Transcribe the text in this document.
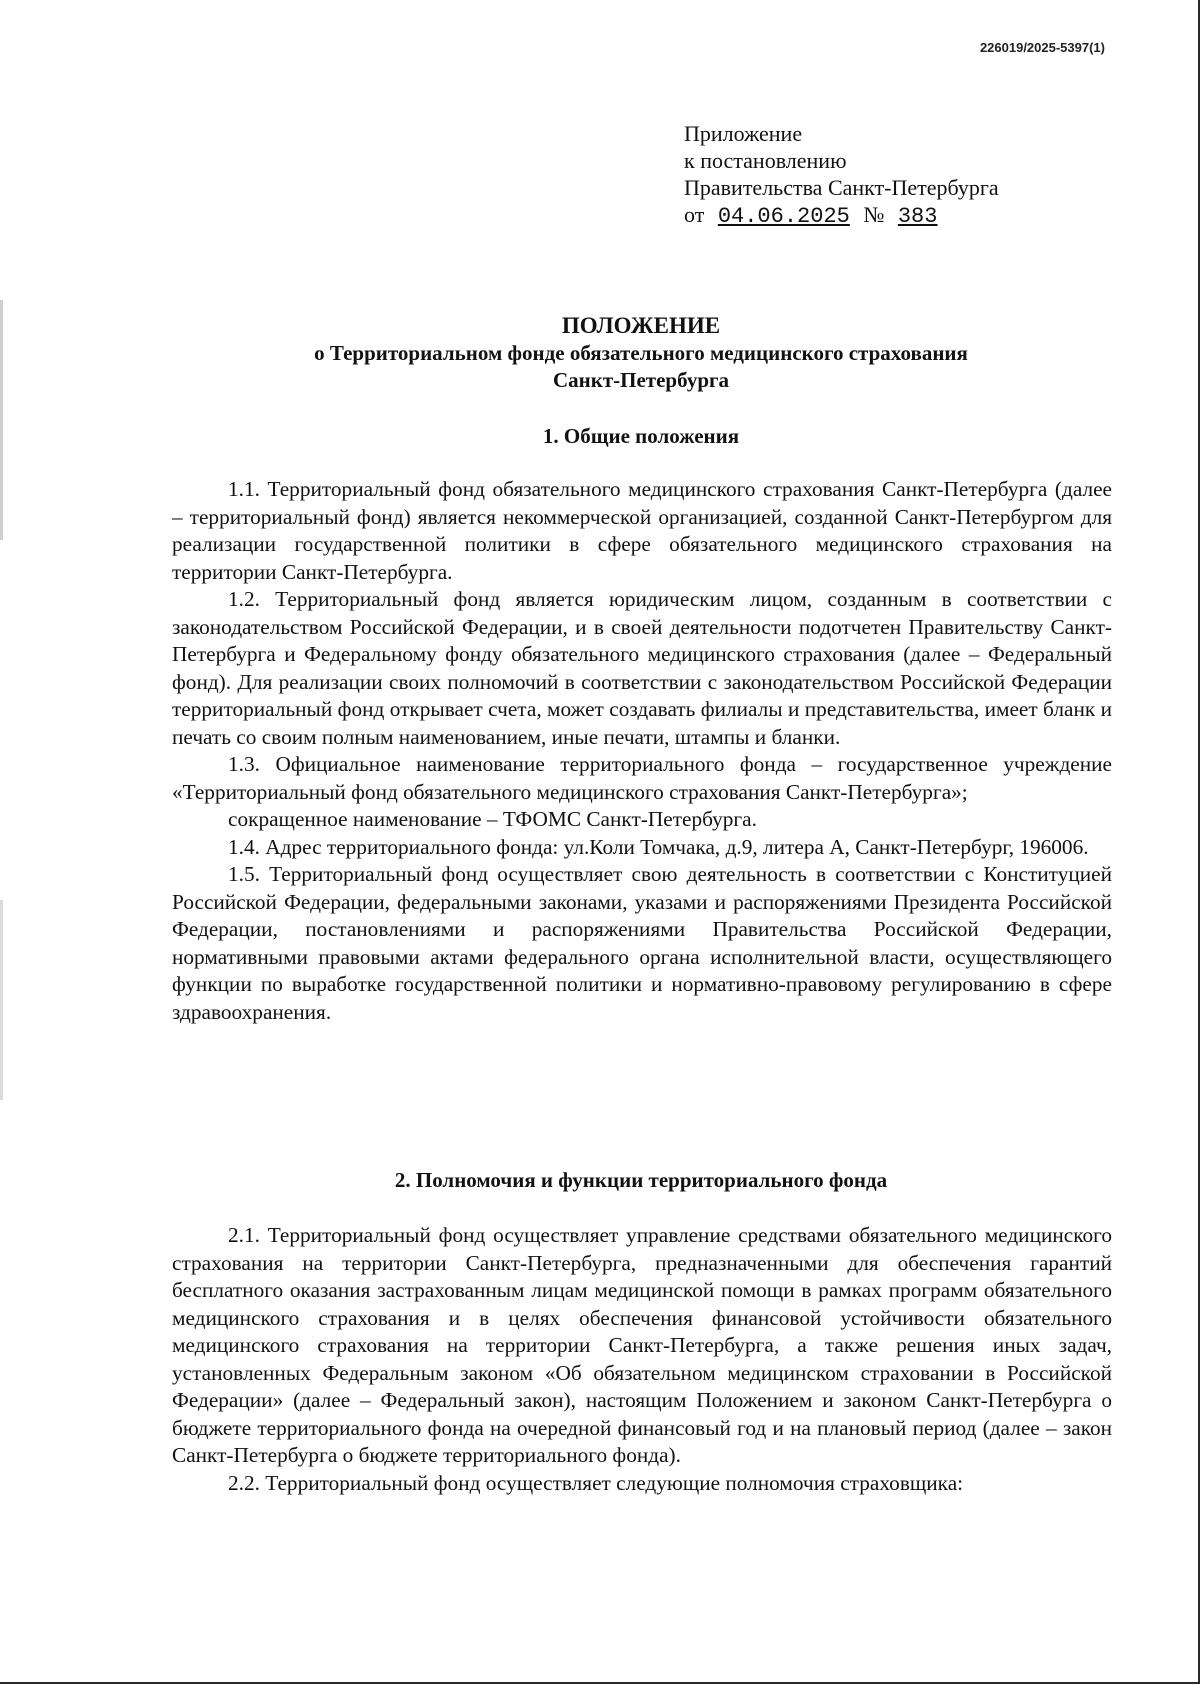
226019/2025-5397(1)
Приложение
к постановлению
Правительства Санкт-Петербурга
от 04.06.2025 № 383
ПОЛОЖЕНИЕ
о Территориальном фонде обязательного медицинского страхования
Санкт-Петербурга
1. Общие положения

1.1. Территориальный фонд обязательного медицинского страхования Санкт-Петербурга (далее – территориальный фонд) является некоммерческой организацией, созданной Санкт-Петербургом для реализации государственной политики в сфере обязательного медицинского страхования на территории Санкт-Петербурга.

1.2. Территориальный фонд является юридическим лицом, созданным в соответствии с законодательством Российской Федерации, и в своей деятельности подотчетен Правительству Санкт-Петербурга и Федеральному фонду обязательного медицинского страхования (далее – Федеральный фонд). Для реализации своих полномочий в соответствии с законодательством Российской Федерации территориальный фонд открывает счета, может создавать филиалы и представительства, имеет бланк и печать со своим полным наименованием, иные печати, штампы и бланки.

1.3. Официальное наименование территориального фонда – государственное учреждение «Территориальный фонд обязательного медицинского страхования Санкт-Петербурга»;

сокращенное наименование – ТФОМС Санкт-Петербурга.

1.4. Адрес территориального фонда: ул.Коли Томчака, д.9, литера А, Санкт-Петербург, 196006.

1.5. Территориальный фонд осуществляет свою деятельность в соответствии с Конституцией Российской Федерации, федеральными законами, указами и распоряжениями Президента Российской Федерации, постановлениями и распоряжениями Правительства Российской Федерации, нормативными правовыми актами федерального органа исполнительной власти, осуществляющего функции по выработке государственной политики и нормативно-правовому регулированию в сфере здравоохранения.

2. Полномочия и функции территориального фонда

2.1. Территориальный фонд осуществляет управление средствами обязательного медицинского страхования на территории Санкт-Петербурга, предназначенными для обеспечения гарантий бесплатного оказания застрахованным лицам медицинской помощи в рамках программ обязательного медицинского страхования и в целях обеспечения финансовой устойчивости обязательного медицинского страхования на территории Санкт-Петербурга, а также решения иных задач, установленных Федеральным законом «Об обязательном медицинском страховании в Российской Федерации» (далее – Федеральный закон), настоящим Положением и законом Санкт-Петербурга о бюджете территориального фонда на очередной финансовый год и на плановый период (далее – закон Санкт-Петербурга о бюджете территориального фонда).

2.2. Территориальный фонд осуществляет следующие полномочия страховщика:
